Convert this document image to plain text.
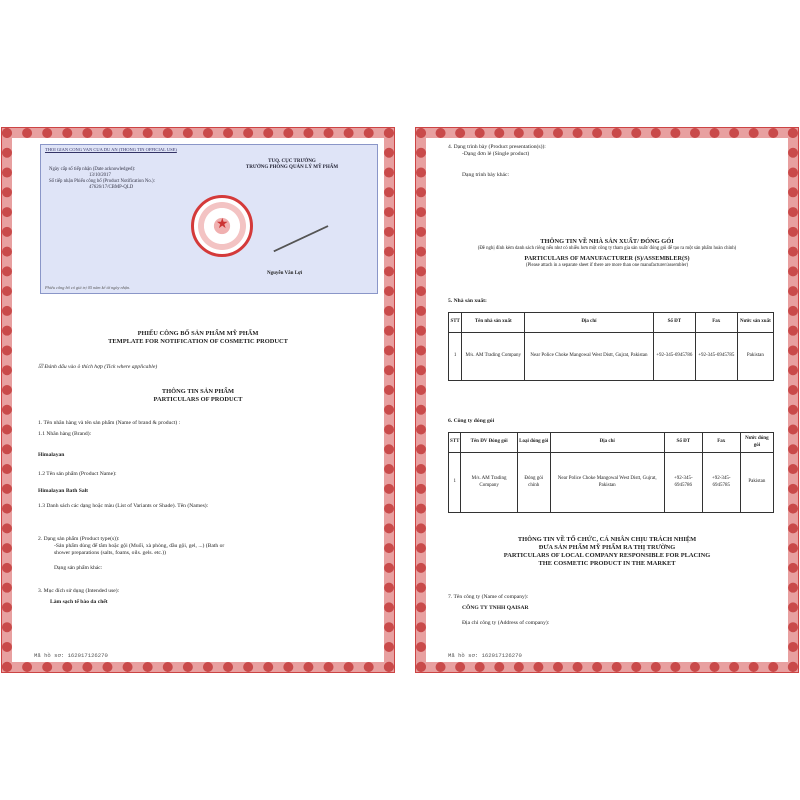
THOI GIAN CONG VAN CUA DU AN (THONG TIN OFFICIAL USE)
Ngày cấp số tiếp nhận (Date acknowledged):
13/10/2017
Số tiếp nhận Phiếu công bố (Product Notification No.):
47626/17/CBMP-QLD
TUQ. CỤC TRƯỞNG
TRƯỞNG PHÒNG QUẢN LÝ MỸ PHẨM
★
Nguyễn Văn Lợi
Phiếu công bố có giá trị 05 năm kể từ ngày nhận.
PHIẾU CÔNG BỐ SẢN PHẨM MỸ PHẨM
TEMPLATE FOR NOTIFICATION OF COSMETIC PRODUCT
☑ Đánh dấu vào ô thích hợp (Tick where applicable)
THÔNG TIN SẢN PHẨM
PARTICULARS OF PRODUCT
1. Tên nhãn hàng và tên sản phẩm (Name of brand & product) :
1.1 Nhãn hàng (Brand):
Himalayan
1.2 Tên sản phẩm (Product Name):
Himalayan Bath Salt
1.3 Danh sách các dạng hoặc màu (List of Variants or Shade). Tên (Names):
2. Dạng sản phẩm (Product type(s)):
-Sản phẩm dùng để tắm hoặc gội (Muối, xà phòng, dầu gội, gel, ...) (Bath or
shower preparations (salts, foams, oils. gels. etc.))
Dạng sản phẩm khác:
3. Mục đích sử dụng (Intended use):
Làm sạch tế bào da chết
Mã hồ sơ: 162017126270
4. Dạng trình bày (Product presentation(s)):
-Dạng đơn lẻ (Single product)
Dạng trình bày khác:
THÔNG TIN VỀ NHÀ SẢN XUẤT/ ĐÓNG GÓI
(Đề nghị đính kèm danh sách riêng nếu như có nhiều hơn một công ty tham gia sản xuất/ đóng gói để tạo ra một sản phẩm hoàn chỉnh)
PARTICULARS OF MANUFACTURER (S)/ASSEMBLER(S)
(Please attach in a separate sheet if there are more than one manufacturer/assembler)
5. Nhà sản xuất:
STT	Tên nhà sản xuất	Địa chỉ	Số ĐT	Fax	Nước sản xuất
1	M/s. AM Trading Company	Near Police Choke Mangowal West Distt, Gujrat, Pakistan	+92-345-6945786	+92-345-6945785	Pakistan
6. Công ty đóng gói
STT	Tên ĐV Đóng gói	Loại đóng gói	Địa chỉ	Số ĐT	Fax	Nước đóng gói
1	M/s. AM Trading Company	Đóng gói chính	Near Police Choke Mangowal West Distt, Gujrat, Pakistan	+92-345-6945786	+92-345-6945785	Pakistan
THÔNG TIN VỀ TỔ CHỨC, CÁ NHÂN CHỊU TRÁCH NHIỆM
ĐƯA SẢN PHẨM MỸ PHẨM RA THỊ TRƯỜNG
PARTICULARS OF LOCAL COMPANY RESPONSIBLE FOR PLACING
THE COSMETIC PRODUCT IN THE MARKET
7. Tên công ty (Name of company):
CÔNG TY TNHH QAISAR
Địa chỉ công ty (Address of company):
Mã hồ sơ: 162017126270
